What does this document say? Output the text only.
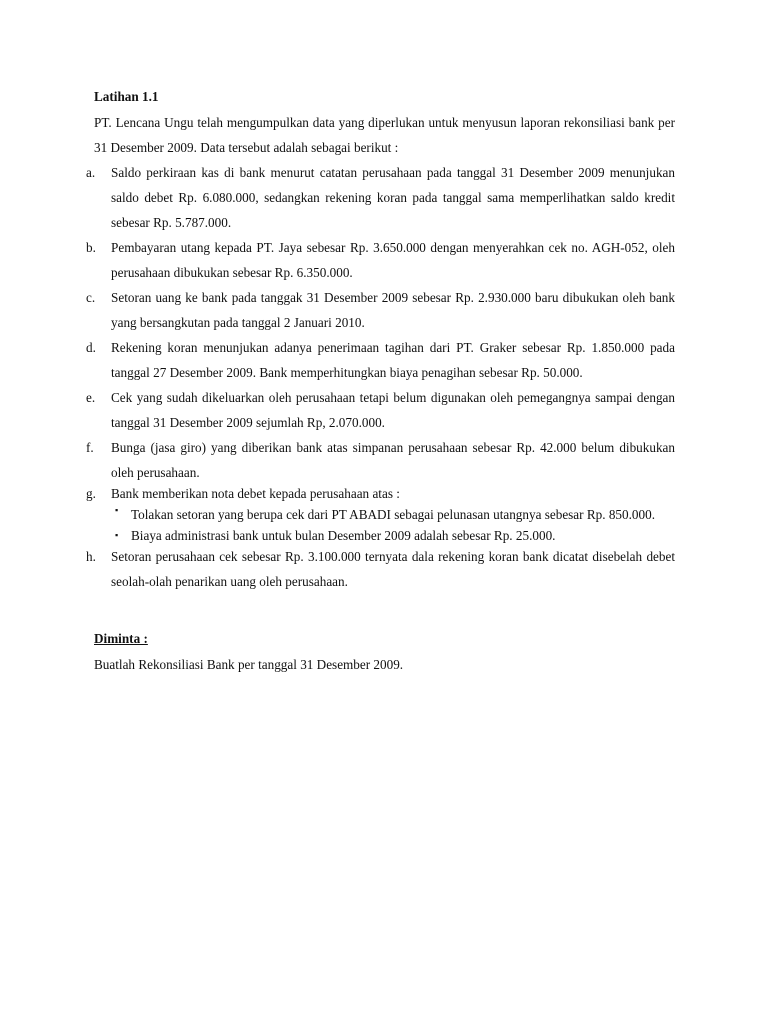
Latihan 1.1

PT. Lencana Ungu telah mengumpulkan data yang diperlukan untuk menyusun laporan rekonsiliasi bank per 31 Desember 2009. Data tersebut adalah sebagai berikut :

a.	Saldo perkiraan kas di bank menurut catatan perusahaan pada tanggal 31 Desember 2009 menunjukan saldo debet Rp. 6.080.000, sedangkan rekening koran pada tanggal sama memperlihatkan saldo kredit sebesar Rp. 5.787.000.
b.	Pembayaran utang kepada PT. Jaya sebesar Rp. 3.650.000 dengan menyerahkan cek no. AGH-052, oleh perusahaan dibukukan sebesar Rp. 6.350.000.
c.	Setoran uang ke bank pada tanggak 31 Desember 2009 sebesar Rp. 2.930.000 baru dibukukan oleh bank yang bersangkutan pada tanggal 2 Januari 2010.
d.	Rekening koran menunjukan adanya penerimaan tagihan dari PT. Graker sebesar Rp. 1.850.000 pada tanggal 27 Desember 2009. Bank memperhitungkan biaya penagihan sebesar Rp. 50.000.
e.	Cek yang sudah dikeluarkan oleh perusahaan tetapi belum digunakan oleh pemegangnya sampai dengan tanggal 31 Desember 2009 sejumlah Rp, 2.070.000.
f.	Bunga (jasa giro) yang diberikan bank atas simpanan perusahaan sebesar Rp. 42.000 belum dibukukan oleh perusahaan.
g.	Bank memberikan nota debet kepada perusahaan atas :
▪ Tolakan setoran yang berupa cek dari PT ABADI sebagai pelunasan utangnya sebesar Rp. 850.000.
▪ Biaya administrasi bank untuk bulan Desember 2009 adalah sebesar Rp. 25.000.
h.	Setoran perusahaan cek sebesar Rp. 3.100.000 ternyata dala rekening koran bank dicatat disebelah debet seolah-olah penarikan uang oleh perusahaan.
Diminta :
Buatlah Rekonsiliasi Bank per tanggal 31 Desember 2009.
